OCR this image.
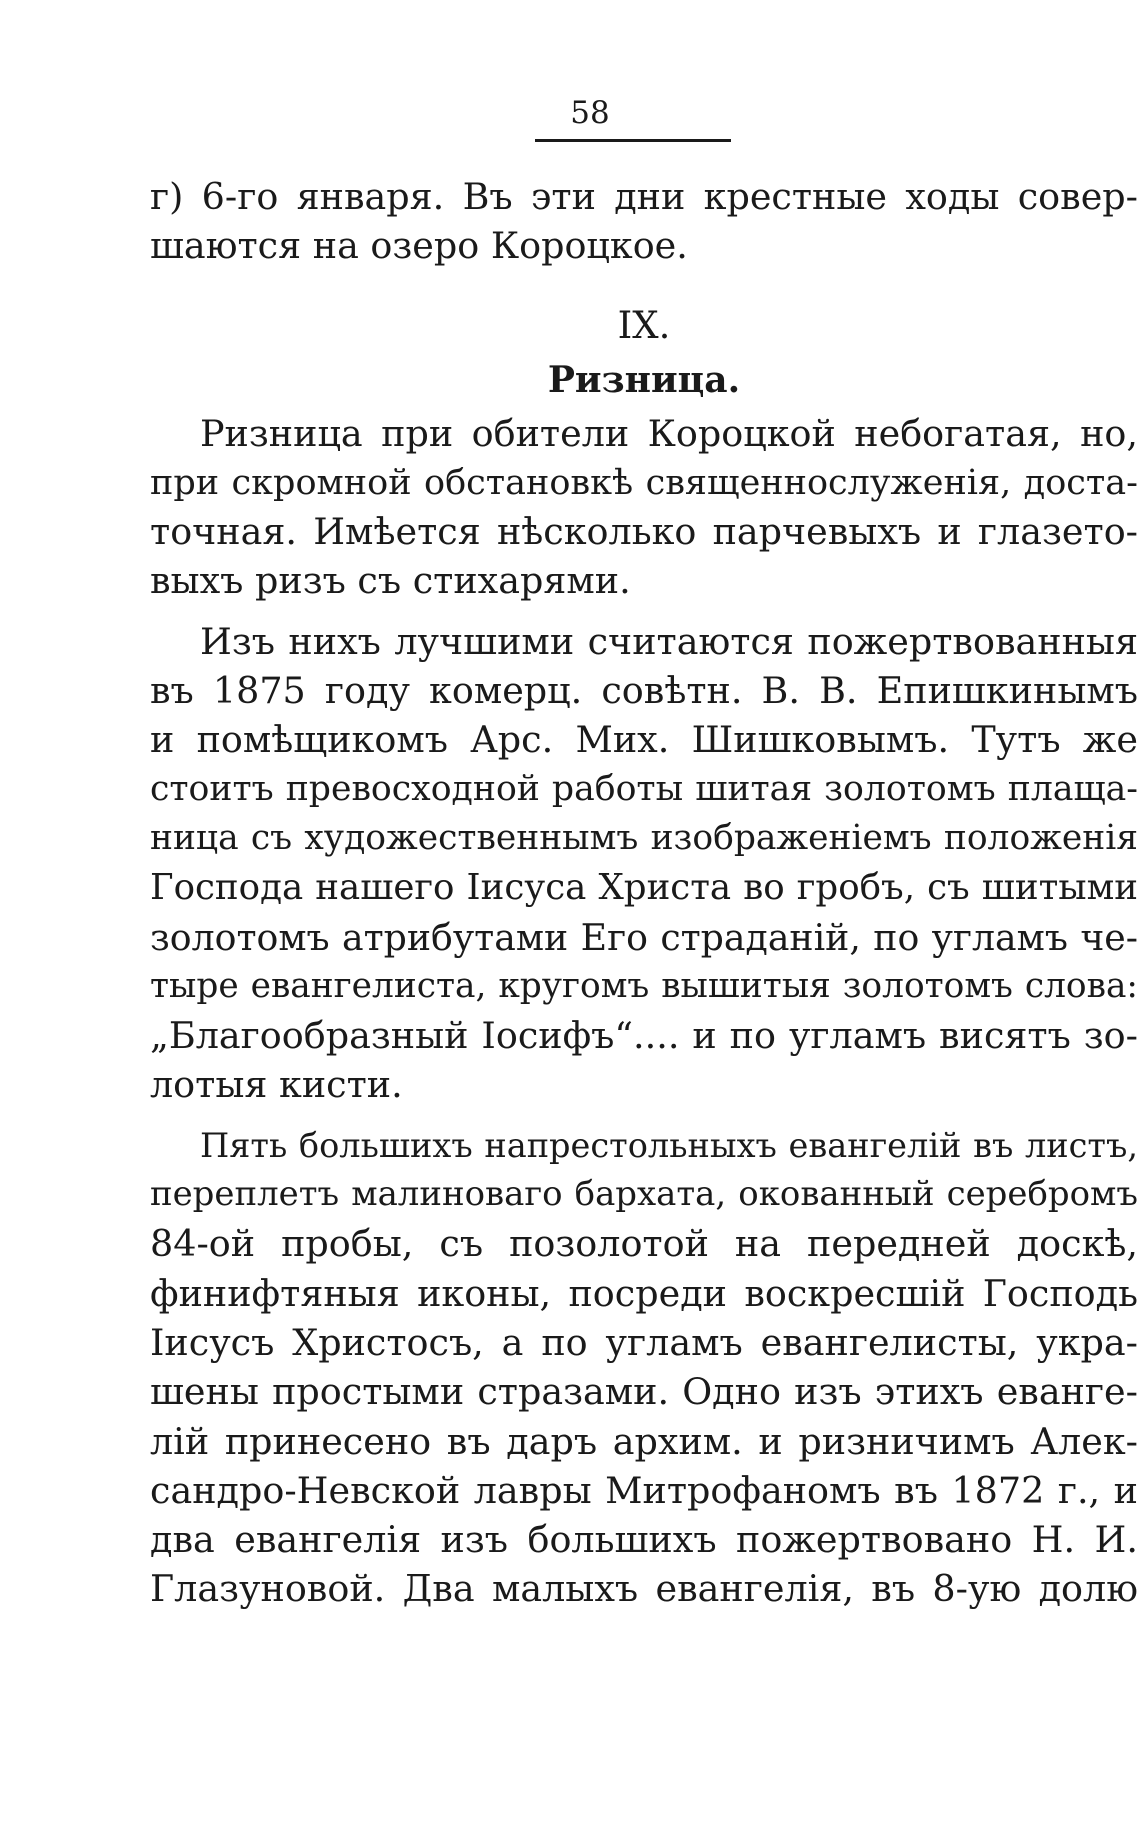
58
г) 6-го января. Въ эти дни крестные ходы совер-
шаются на озеро Короцкое.
IX.
Ризница.
Ризница при обители Короцкой небогатая, но,
при скромной обстановкѣ священнослуженія, доста-
точная. Имѣется нѣсколько парчевыхъ и глазето-
выхъ ризъ съ стихарями.
Изъ нихъ лучшими считаются пожертвованныя
въ 1875 году комерц. совѣтн. В. В. Епишкинымъ
и помѣщикомъ Арс. Мих. Шишковымъ. Тутъ же
стоитъ превосходной работы шитая золотомъ плаща-
ница съ художественнымъ изображеніемъ положенія
Господа нашего Іисуса Христа во гробъ, съ шитыми
золотомъ атрибутами Его страданій, по угламъ че-
тыре евангелиста, кругомъ вышитыя золотомъ слова:
„Благообразный Іосифъ“.... и по угламъ висятъ зо-
лотыя кисти.
Пять большихъ напрестольныхъ евангелій въ листъ,
переплетъ малиноваго бархата, окованный серебромъ
84-ой пробы, съ позолотой на передней доскѣ,
финифтяныя иконы, посреди воскресшій Господь
Іисусъ Христосъ, а по угламъ евангелисты, укра-
шены простыми стразами. Одно изъ этихъ еванге-
лій принесено въ даръ архим. и ризничимъ Алек-
сандро-Невской лавры Митрофаномъ въ 1872 г., и
два евангелія изъ большихъ пожертвовано Н. И.
Глазуновой. Два малыхъ евангелія, въ 8-ую долю
